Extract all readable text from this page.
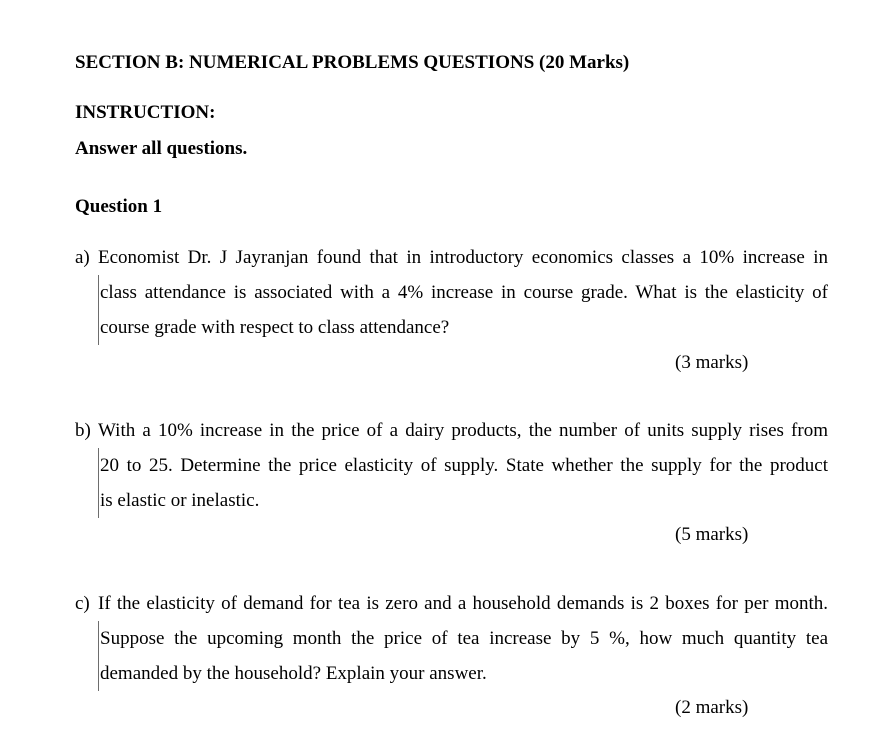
SECTION B: NUMERICAL PROBLEMS QUESTIONS (20 Marks)
INSTRUCTION:
Answer all questions.
Question 1
a) Economist Dr. J Jayranjan found that in introductory economics classes a 10% increase in
class attendance is associated with a 4% increase in course grade. What is the elasticity of
course grade with respect to class attendance?
(3 marks)
b) With a 10% increase in the price of a dairy products, the number of units supply rises from
20 to 25. Determine the price elasticity of supply. State whether the supply for the product
is elastic or inelastic.
(5 marks)
c) If the elasticity of demand for tea is zero and a household demands is 2 boxes for per month.
Suppose the upcoming month the price of tea increase by 5 %, how much quantity tea
demanded by the household? Explain your answer.
(2 marks)
